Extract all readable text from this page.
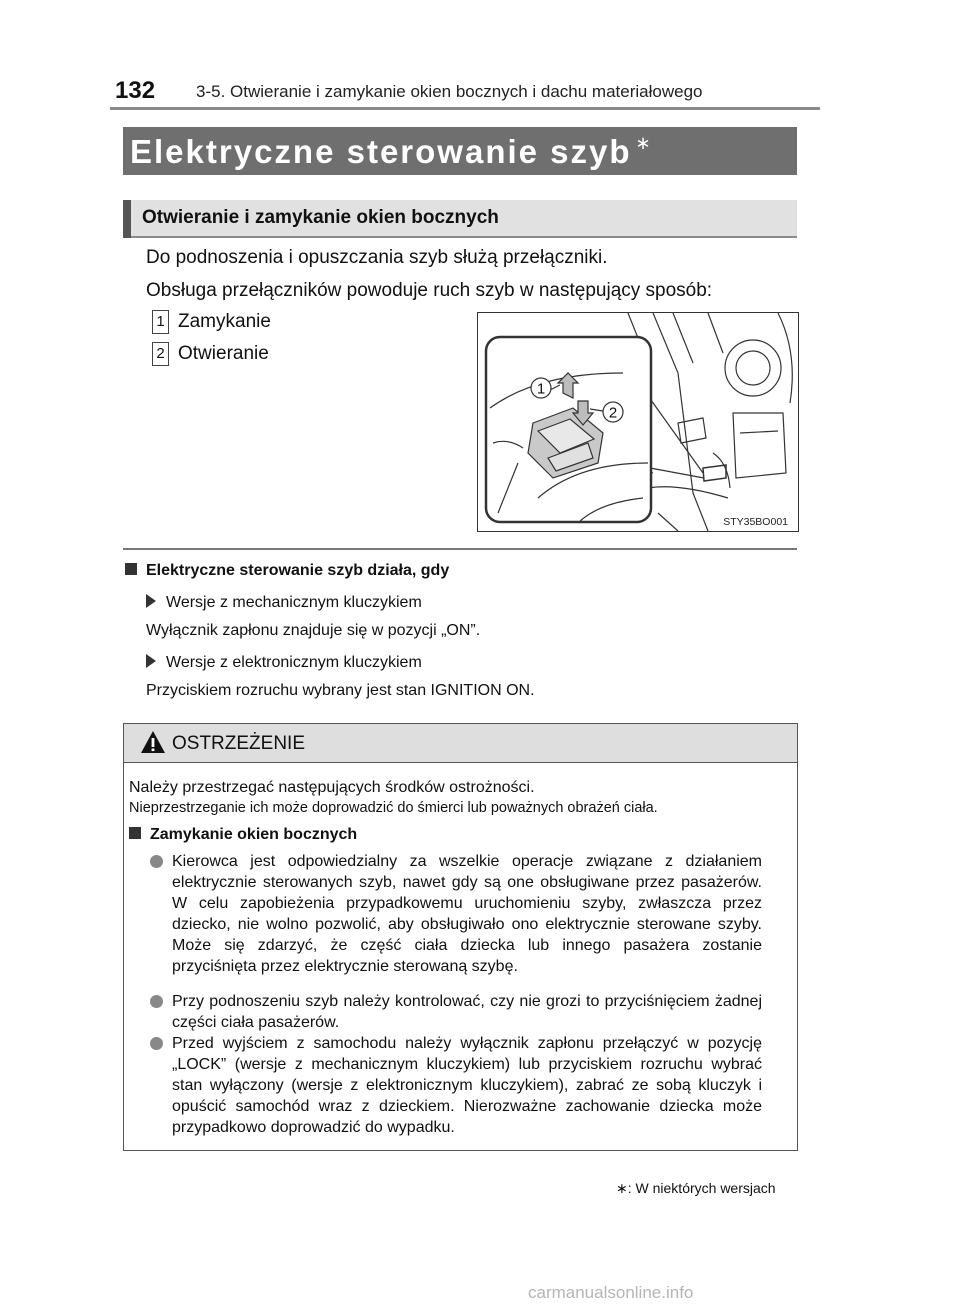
132 3-5. Otwieranie i zamykanie okien bocznych i dachu materiałowego
Elektryczne sterowanie szyb ∗
Otwieranie i zamykanie okien bocznych
Do podnoszenia i opuszczania szyb służą przełączniki.
Obsługa przełączników powoduje ruch szyb w następujący sposób:
1 Zamykanie
2 Otwieranie
1
2
STY35BO001
Elektryczne sterowanie szyb działa, gdy
Wersje z mechanicznym kluczykiem
Wyłącznik zapłonu znajduje się w pozycji „ON”.
Wersje z elektronicznym kluczykiem
Przyciskiem rozruchu wybrany jest stan IGNITION ON.
OSTRZEŻENIE
Należy przestrzegać następujących środków ostrożności.
Nieprzestrzeganie ich może doprowadzić do śmierci lub poważnych obrażeń ciała.
Zamykanie okien bocznych
Kierowca jest odpowiedzialny za wszelkie operacje związane z działaniem elektrycznie sterowanych szyb, nawet gdy są one obsługiwane przez pasażerów. W celu zapobieżenia przypadkowemu uruchomieniu szyby, zwłaszcza przez dziecko, nie wolno pozwolić, aby obsługiwało ono elektrycznie sterowane szyby. Może się zdarzyć, że część ciała dziecka lub innego pasażera zostanie przyciśnięta przez elektrycznie sterowaną szybę.
Przy podnoszeniu szyb należy kontrolować, czy nie grozi to przyciśnięciem żadnej części ciała pasażerów.
Przed wyjściem z samochodu należy wyłącznik zapłonu przełączyć w pozycję „LOCK” (wersje z mechanicznym kluczykiem) lub przyciskiem rozruchu wybrać stan wyłączony (wersje z elektronicznym kluczykiem), zabrać ze sobą kluczyk i opuścić samochód wraz z dzieckiem. Nierozważne zachowanie dziecka może przypadkowo doprowadzić do wypadku.
∗: W niektórych wersjach
carmanualsonline.info
